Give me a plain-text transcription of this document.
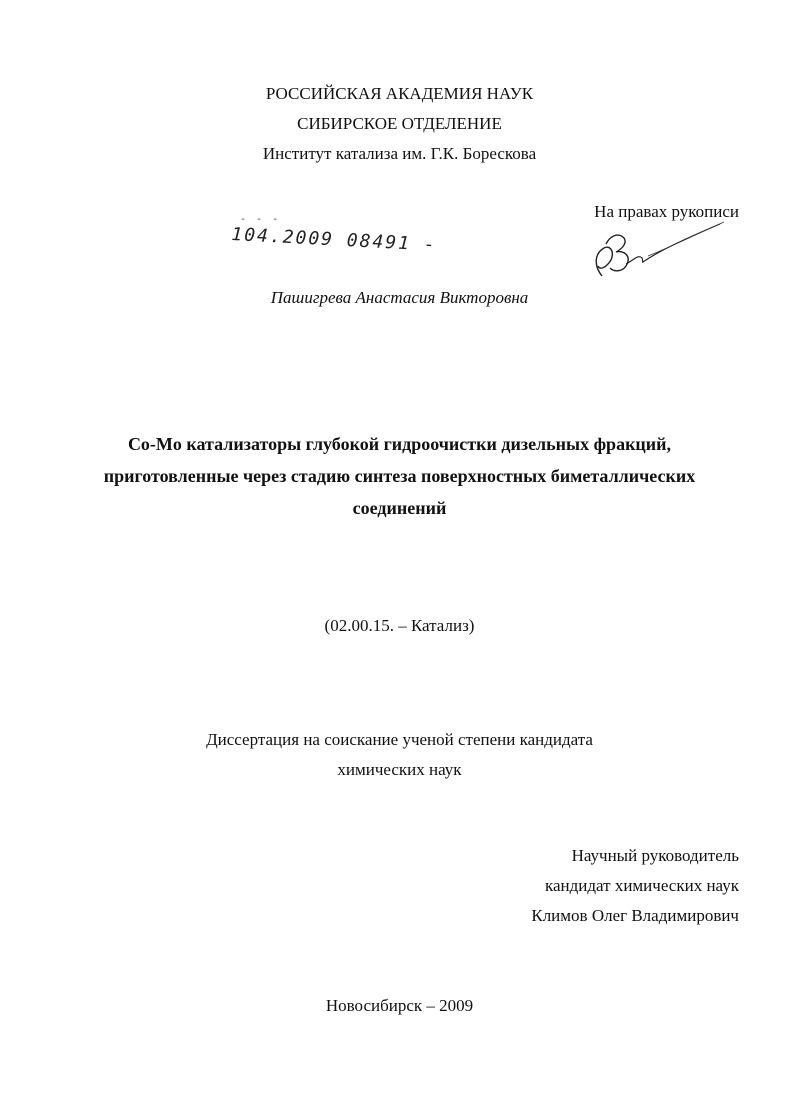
РОССИЙСКАЯ АКАДЕМИЯ НАУК
СИБИРСКОЕ ОТДЕЛЕНИЕ
Институт катализа им. Г.К. Борескова
На правах рукописи
- - -
104.2009 08491 -
Пашигрева Анастасия Викторовна
Co-Mo катализаторы глубокой гидроочистки дизельных фракций,
приготовленные через стадию синтеза поверхностных биметаллических
соединений
(02.00.15. – Катализ)
Диссертация на соискание ученой степени кандидата
химических наук
Научный руководитель
кандидат химических наук
Климов Олег Владимирович
Новосибирск – 2009
